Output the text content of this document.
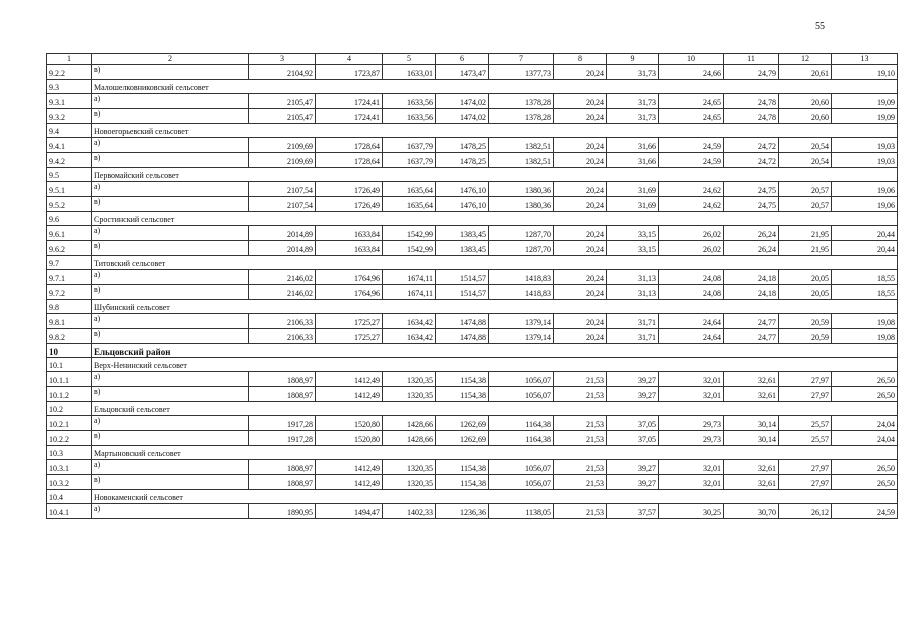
55
1	2	3	4	5	6	7	8	9	10	11	12	13
9.2.2	в)	2104,92	1723,87	1633,01	1473,47	1377,73	20,24	31,73	24,66	24,79	20,61	19,10
9.3	Малошелковниковский сельсовет											
9.3.1	а)	2105,47	1724,41	1633,56	1474,02	1378,28	20,24	31,73	24,65	24,78	20,60	19,09
9.3.2	в)	2105,47	1724,41	1633,56	1474,02	1378,28	20,24	31,73	24,65	24,78	20,60	19,09
9.4	Новоегорьевский сельсовет											
9.4.1	а)	2109,69	1728,64	1637,79	1478,25	1382,51	20,24	31,66	24,59	24,72	20,54	19,03
9.4.2	в)	2109,69	1728,64	1637,79	1478,25	1382,51	20,24	31,66	24,59	24,72	20,54	19,03
9.5	Первомайский сельсовет											
9.5.1	а)	2107,54	1726,49	1635,64	1476,10	1380,36	20,24	31,69	24,62	24,75	20,57	19,06
9.5.2	в)	2107,54	1726,49	1635,64	1476,10	1380,36	20,24	31,69	24,62	24,75	20,57	19,06
9.6	Сростинский сельсовет											
9.6.1	а)	2014,89	1633,84	1542,99	1383,45	1287,70	20,24	33,15	26,02	26,24	21,95	20,44
9.6.2	в)	2014,89	1633,84	1542,99	1383,45	1287,70	20,24	33,15	26,02	26,24	21,95	20,44
9.7	Титовский сельсовет											
9.7.1	а)	2146,02	1764,96	1674,11	1514,57	1418,83	20,24	31,13	24,08	24,18	20,05	18,55
9.7.2	в)	2146,02	1764,96	1674,11	1514,57	1418,83	20,24	31,13	24,08	24,18	20,05	18,55
9.8	Шубинский сельсовет											
9.8.1	а)	2106,33	1725,27	1634,42	1474,88	1379,14	20,24	31,71	24,64	24,77	20,59	19,08
9.8.2	в)	2106,33	1725,27	1634,42	1474,88	1379,14	20,24	31,71	24,64	24,77	20,59	19,08
10	Ельцовский район											
10.1	Верх-Ненинский сельсовет											
10.1.1	а)	1808,97	1412,49	1320,35	1154,38	1056,07	21,53	39,27	32,01	32,61	27,97	26,50
10.1.2	в)	1808,97	1412,49	1320,35	1154,38	1056,07	21,53	39,27	32,01	32,61	27,97	26,50
10.2	Ельцовский сельсовет											
10.2.1	а)	1917,28	1520,80	1428,66	1262,69	1164,38	21,53	37,05	29,73	30,14	25,57	24,04
10.2.2	в)	1917,28	1520,80	1428,66	1262,69	1164,38	21,53	37,05	29,73	30,14	25,57	24,04
10.3	Мартыновский сельсовет											
10.3.1	а)	1808,97	1412,49	1320,35	1154,38	1056,07	21,53	39,27	32,01	32,61	27,97	26,50
10.3.2	в)	1808,97	1412,49	1320,35	1154,38	1056,07	21,53	39,27	32,01	32,61	27,97	26,50
10.4	Новокаменский сельсовет											
10.4.1	а)	1890,95	1494,47	1402,33	1236,36	1138,05	21,53	37,57	30,25	30,70	26,12	24,59
